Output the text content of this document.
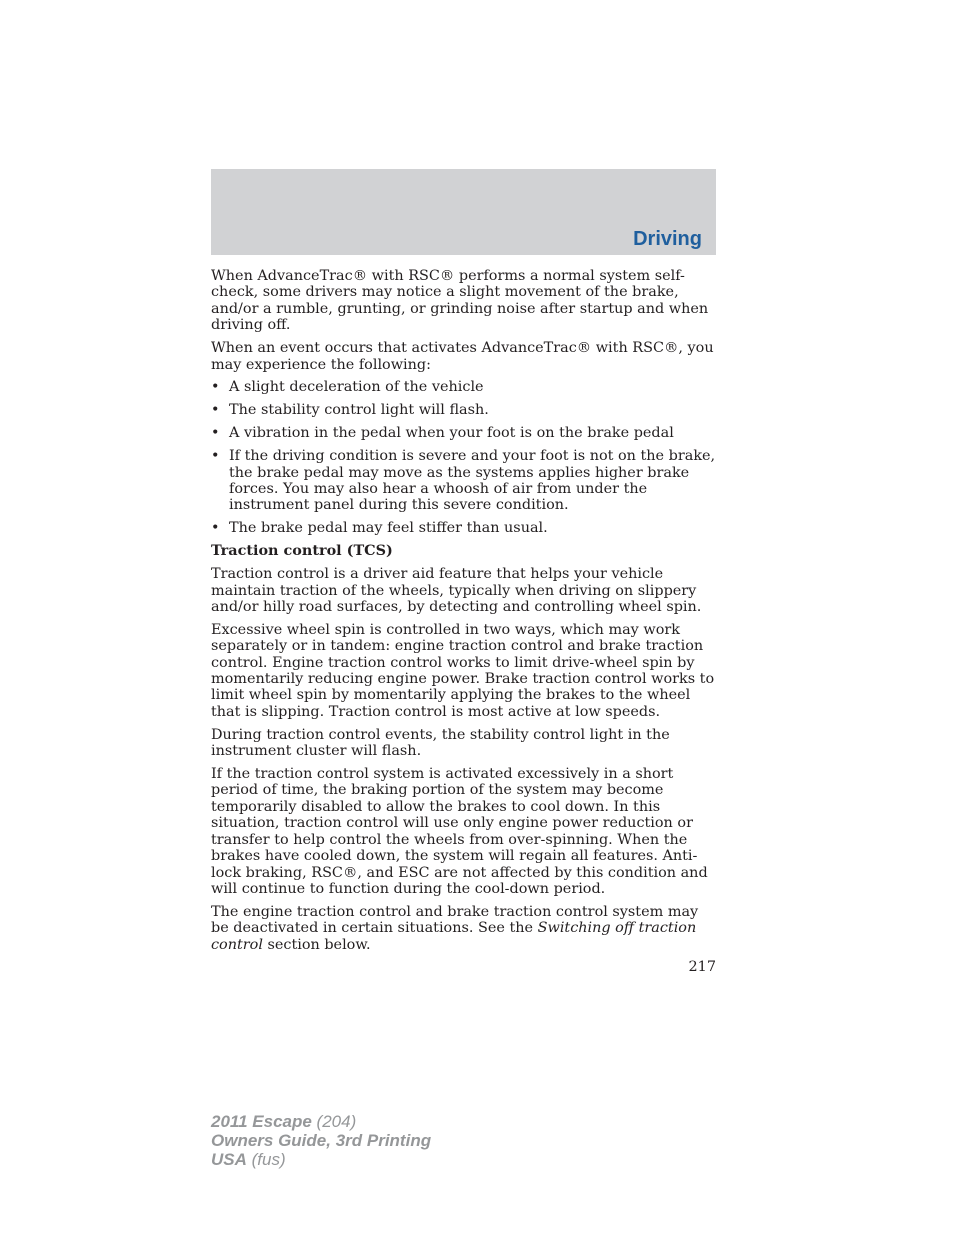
Driving

When AdvanceTrac® with RSC® performs a normal system self-check, some drivers may notice a slight movement of the brake, and/or a rumble, grunting, or grinding noise after startup and when driving off.

When an event occurs that activates AdvanceTrac® with RSC®, you may experience the following:

• A slight deceleration of the vehicle
• The stability control light will flash.
• A vibration in the pedal when your foot is on the brake pedal
• If the driving condition is severe and your foot is not on the brake, the brake pedal may move as the systems applies higher brake forces. You may also hear a whoosh of air from under the instrument panel during this severe condition.
• The brake pedal may feel stiffer than usual.
Traction control (TCS)

Traction control is a driver aid feature that helps your vehicle maintain traction of the wheels, typically when driving on slippery and/or hilly road surfaces, by detecting and controlling wheel spin.

Excessive wheel spin is controlled in two ways, which may work separately or in tandem: engine traction control and brake traction control. Engine traction control works to limit drive-wheel spin by momentarily reducing engine power. Brake traction control works to limit wheel spin by momentarily applying the brakes to the wheel that is slipping. Traction control is most active at low speeds.

During traction control events, the stability control light in the instrument cluster will flash.

If the traction control system is activated excessively in a short period of time, the braking portion of the system may become temporarily disabled to allow the brakes to cool down. In this situation, traction control will use only engine power reduction or transfer to help control the wheels from over-spinning. When the brakes have cooled down, the system will regain all features. Anti-lock braking, RSC®, and ESC are not affected by this condition and will continue to function during the cool-down period.

The engine traction control and brake traction control system may be deactivated in certain situations. See the Switching off traction control section below.

217
2011 Escape (204)
Owners Guide, 3rd Printing
USA (fus)
